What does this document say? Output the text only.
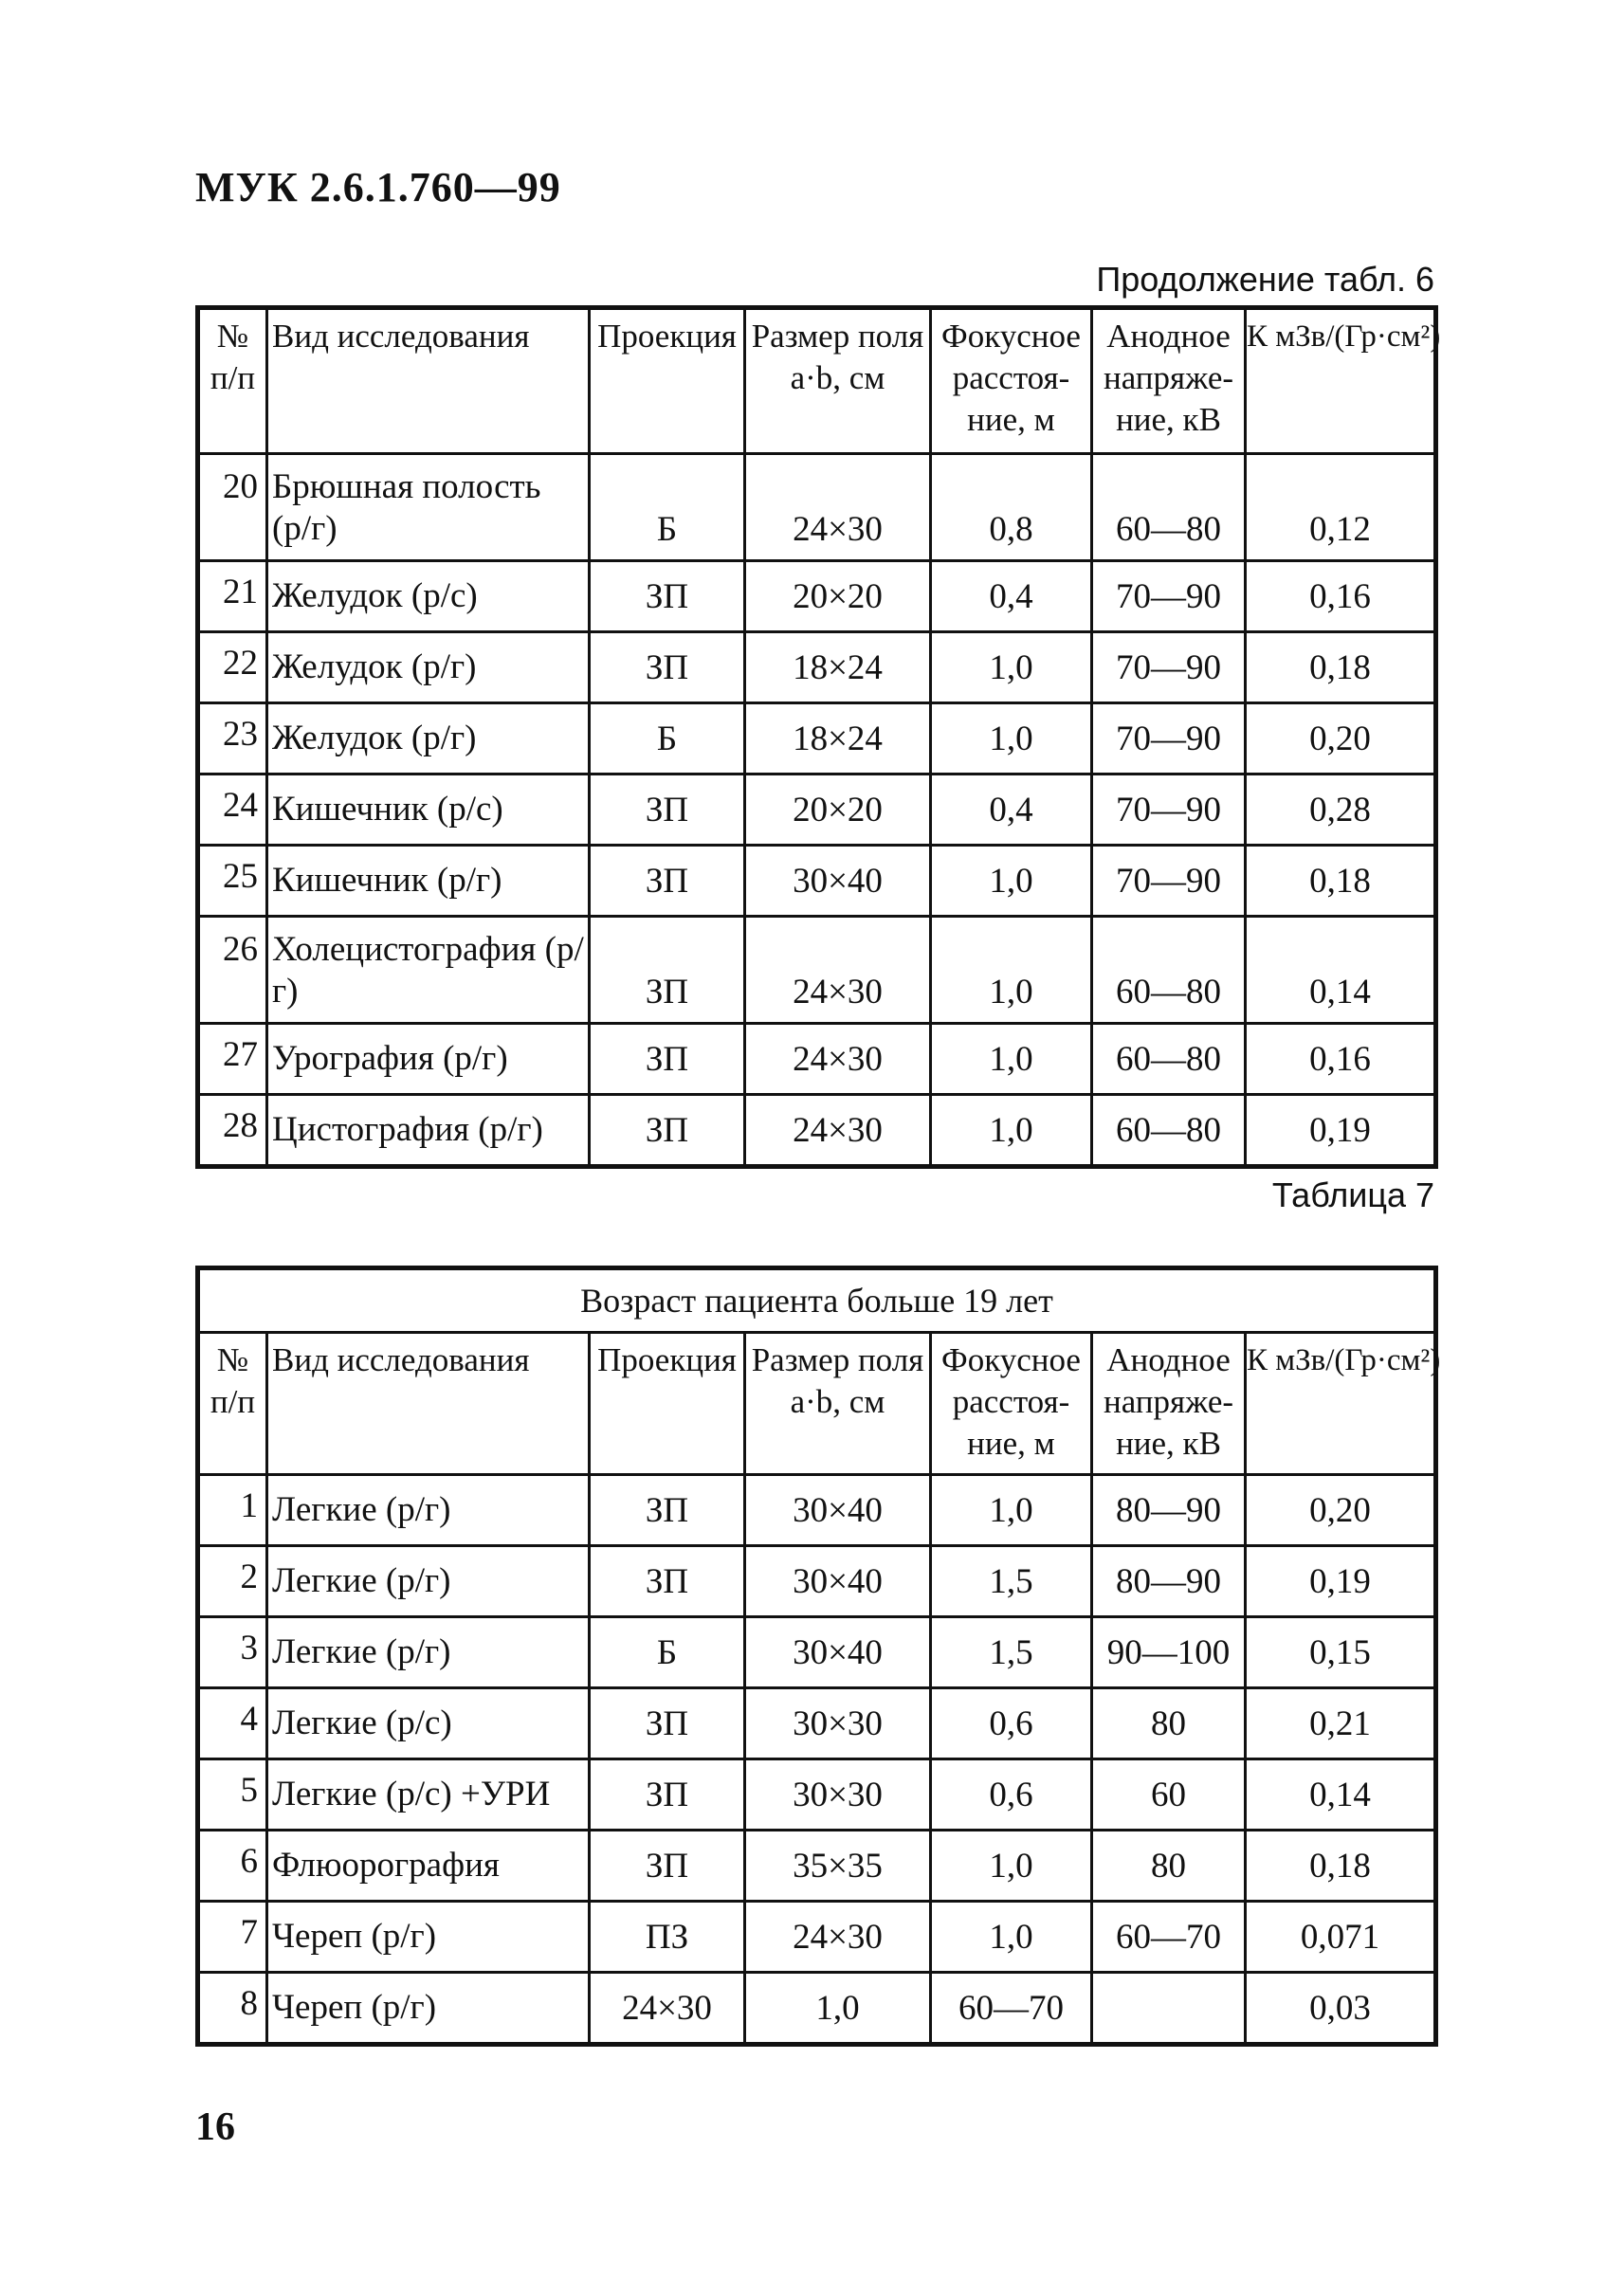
МУК 2.6.1.760—99
Продолжение табл. 6
№ п/п	Вид исследования	Проекция	Размер поля a·b, см	Фокусное расстоя-ние, м	Анодное напряже-ние, кВ	К мЗв/(Гр·см²)
20	Брюшная полость (р/г)	Б	24×30	0,8	60—80	0,12
21	Желудок (р/с)	ЗП	20×20	0,4	70—90	0,16
22	Желудок (р/г)	ЗП	18×24	1,0	70—90	0,18
23	Желудок (р/г)	Б	18×24	1,0	70—90	0,20
24	Кишечник (р/с)	ЗП	20×20	0,4	70—90	0,28
25	Кишечник (р/г)	ЗП	30×40	1,0	70—90	0,18
26	Холецистография (р/г)	ЗП	24×30	1,0	60—80	0,14
27	Урография (р/г)	ЗП	24×30	1,0	60—80	0,16
28	Цистография (р/г)	ЗП	24×30	1,0	60—80	0,19
Таблица 7
Возраст пациента больше 19 лет						
№ п/п	Вид исследования	Проекция	Размер поля a·b, см	Фокусное расстоя-ние, м	Анодное напряже-ние, кВ	К мЗв/(Гр·см²)
1	Легкие (р/г)	ЗП	30×40	1,0	80—90	0,20
2	Легкие (р/г)	ЗП	30×40	1,5	80—90	0,19
3	Легкие (р/г)	Б	30×40	1,5	90—100	0,15
4	Легкие (р/с)	ЗП	30×30	0,6	80	0,21
5	Легкие (р/с) +УРИ	ЗП	30×30	0,6	60	0,14
6	Флюорография	ЗП	35×35	1,0	80	0,18
7	Череп (р/г)	ПЗ	24×30	1,0	60—70	0,071
8	Череп (р/г)	24×30	1,0	60—70		0,03
16
